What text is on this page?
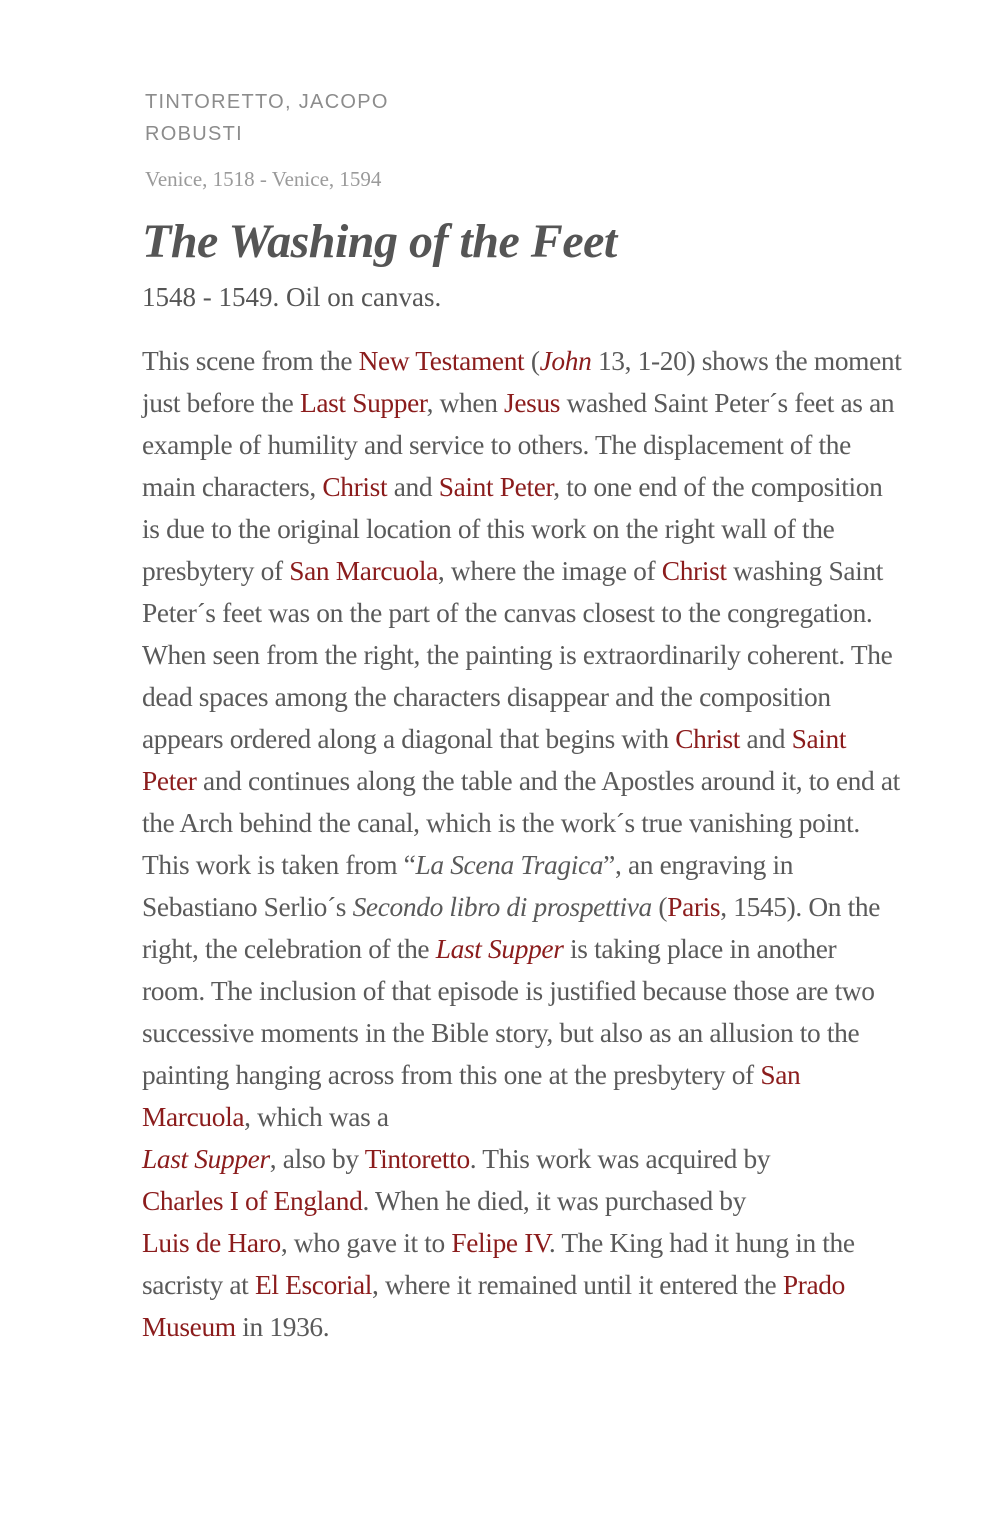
TINTORETTO, JACOPO ROBUSTI
Venice, 1518 - Venice, 1594
The Washing of the Feet
1548 - 1549. Oil on canvas.
This scene from the New Testament (John 13, 1-20) shows the moment just before the Last Supper, when Jesus washed Saint Peter´s feet as an example of humility and service to others. The displacement of the main characters, Christ and Saint Peter, to one end of the composition is due to the original location of this work on the right wall of the presbytery of San Marcuola, where the image of Christ washing Saint Peter´s feet was on the part of the canvas closest to the congregation. When seen from the right, the painting is extraordinarily coherent. The dead spaces among the characters disappear and the composition appears ordered along a diagonal that begins with Christ and Saint Peter and continues along the table and the Apostles around it, to end at the Arch behind the canal, which is the work´s true vanishing point. This work is taken from “La Scena Tragica”, an engraving in Sebastiano Serlio´s Secondo libro di prospettiva (Paris, 1545). On the right, the celebration of the Last Supper is taking place in another room. The inclusion of that episode is justified because those are two successive moments in the Bible story, but also as an allusion to the painting hanging across from this one at the presbytery of San Marcuola, which was a
Last Supper, also by Tintoretto. This work was acquired by
Charles I of England. When he died, it was purchased by
Luis de Haro, who gave it to Felipe IV. The King had it hung in the sacristy at El Escorial, where it remained until it entered the Prado Museum in 1936.
